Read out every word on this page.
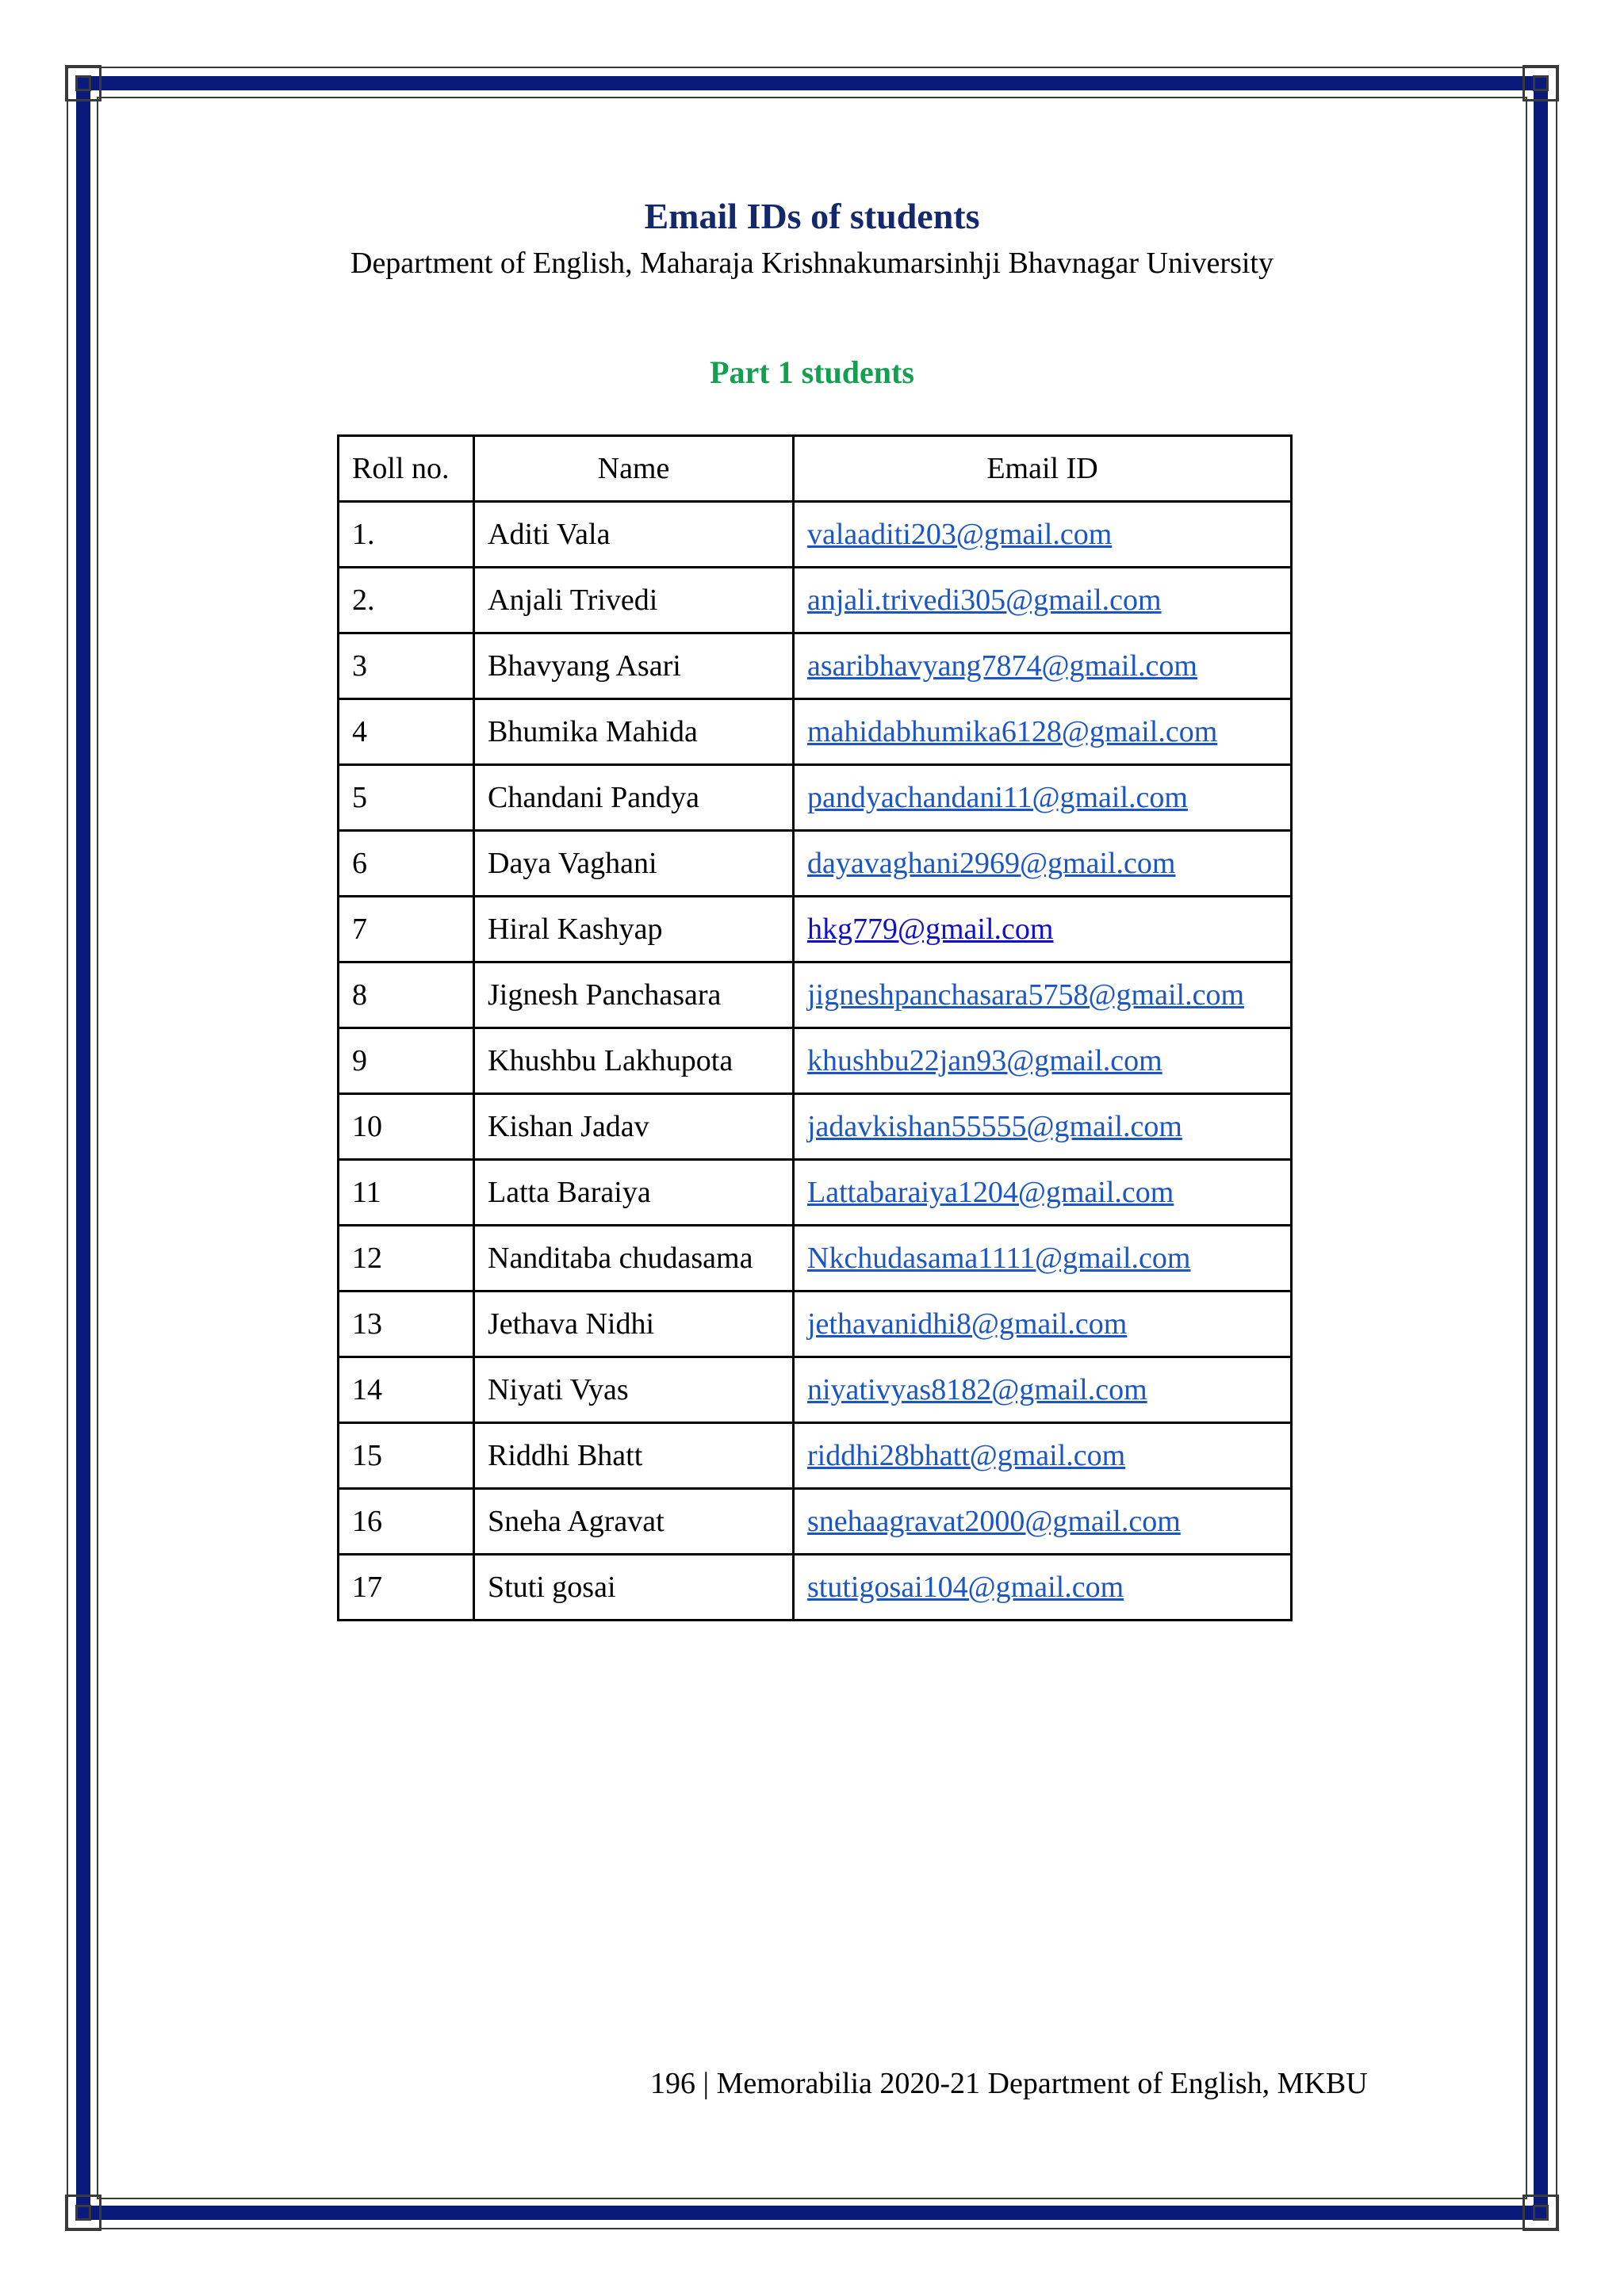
Email IDs of students
Department of English, Maharaja Krishnakumarsinhji Bhavnagar University
Part 1 students
Roll no.	Name	Email ID
1.	Aditi Vala	valaaditi203@gmail.com
2.	Anjali Trivedi	anjali.trivedi305@gmail.com
3	Bhavyang Asari	asaribhavyang7874@gmail.com
4	Bhumika Mahida	mahidabhumika6128@gmail.com
5	Chandani Pandya	pandyachandani11@gmail.com
6	Daya Vaghani	dayavaghani2969@gmail.com
7	Hiral Kashyap	hkg779@gmail.com
8	Jignesh Panchasara	jigneshpanchasara5758@gmail.com
9	Khushbu Lakhupota	khushbu22jan93@gmail.com
10	Kishan Jadav	jadavkishan55555@gmail.com
11	Latta Baraiya	Lattabaraiya1204@gmail.com
12	Nanditaba chudasama	Nkchudasama1111@gmail.com
13	Jethava Nidhi	jethavanidhi8@gmail.com
14	Niyati Vyas	niyativyas8182@gmail.com
15	Riddhi Bhatt	riddhi28bhatt@gmail.com
16	Sneha Agravat	snehaagravat2000@gmail.com
17	Stuti gosai	stutigosai104@gmail.com
196 | Memorabilia 2020-21 Department of English, MKBU
